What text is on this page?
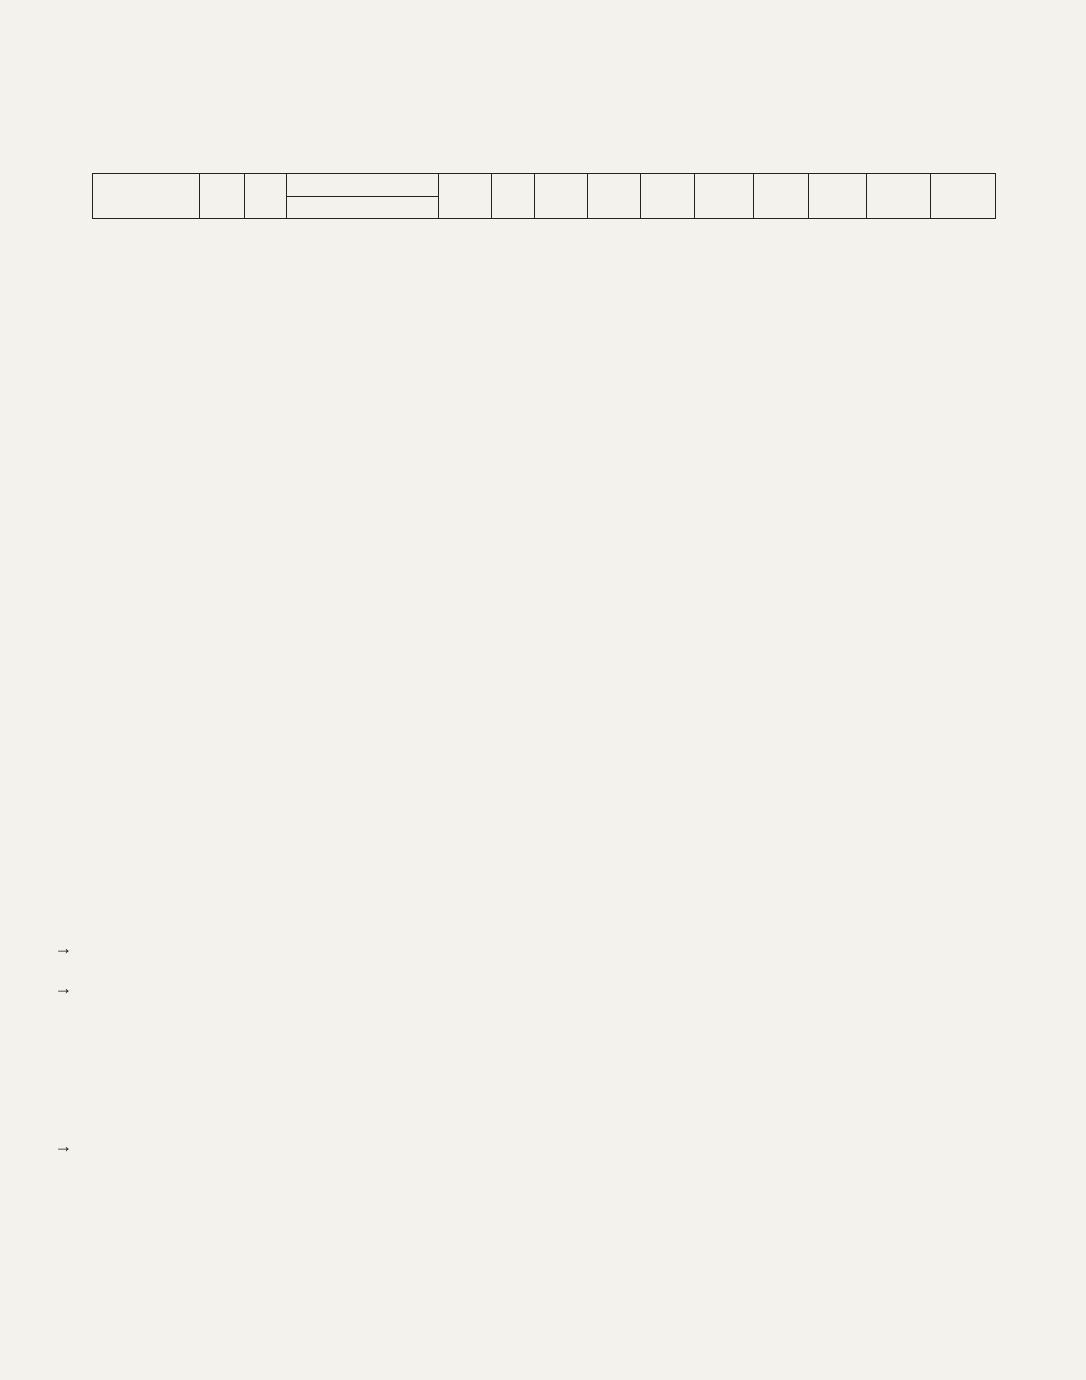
→
→
→
